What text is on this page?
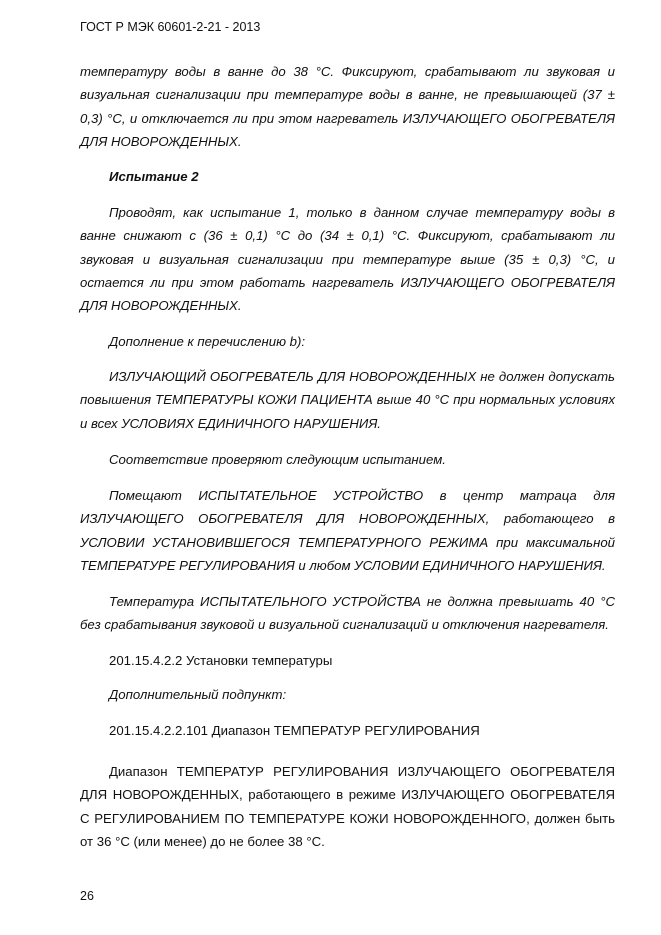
ГОСТ Р МЭК 60601-2-21 - 2013
температуру воды в ванне до 38 °С. Фиксируют, срабатывают ли звуковая и визуальная сигнализации при температуре воды в ванне, не превышающей (37 ± 0,3) °С, и отключается ли при этом нагреватель ИЗЛУЧАЮЩЕГО ОБОГРЕВАТЕЛЯ ДЛЯ НОВОРОЖДЕННЫХ.
Испытание 2
Проводят, как испытание 1, только в данном случае температуру воды в ванне снижают с (36 ± 0,1) °С до (34 ± 0,1) °С. Фиксируют, срабатывают ли звуковая и визуальная сигнализации при температуре выше (35 ± 0,3) °С, и остается ли при этом работать нагреватель ИЗЛУЧАЮЩЕГО ОБОГРЕВАТЕЛЯ ДЛЯ НОВОРОЖДЕННЫХ.
Дополнение к перечислению b):
ИЗЛУЧАЮЩИЙ ОБОГРЕВАТЕЛЬ ДЛЯ НОВОРОЖДЕННЫХ не должен допускать повышения ТЕМПЕРАТУРЫ КОЖИ ПАЦИЕНТА выше 40 °С при нормальных условиях и всех УСЛОВИЯХ ЕДИНИЧНОГО НАРУШЕНИЯ.
Соответствие проверяют следующим испытанием.
Помещают ИСПЫТАТЕЛЬНОЕ УСТРОЙСТВО в центр матраца для ИЗЛУЧАЮЩЕГО ОБОГРЕВАТЕЛЯ ДЛЯ НОВОРОЖДЕННЫХ, работающего в УСЛОВИИ УСТАНОВИВШЕГОСЯ ТЕМПЕРАТУРНОГО РЕЖИМА при максимальной ТЕМПЕРАТУРЕ РЕГУЛИРОВАНИЯ и любом УСЛОВИИ ЕДИНИЧНОГО НАРУШЕНИЯ.
Температура ИСПЫТАТЕЛЬНОГО УСТРОЙСТВА не должна превышать 40 °С без срабатывания звуковой и визуальной сигнализаций и отключения нагревателя.
201.15.4.2.2 Установки температуры
Дополнительный подпункт:
201.15.4.2.2.101 Диапазон ТЕМПЕРАТУР РЕГУЛИРОВАНИЯ
Диапазон ТЕМПЕРАТУР РЕГУЛИРОВАНИЯ ИЗЛУЧАЮЩЕГО ОБОГРЕВАТЕЛЯ ДЛЯ НОВОРОЖДЕННЫХ, работающего в режиме ИЗЛУЧАЮЩЕГО ОБОГРЕВАТЕЛЯ С РЕГУЛИРОВАНИЕМ ПО ТЕМПЕРАТУРЕ КОЖИ НОВОРОЖДЕННОГО, должен быть от 36 °С (или менее) до не более 38 °С.
26
